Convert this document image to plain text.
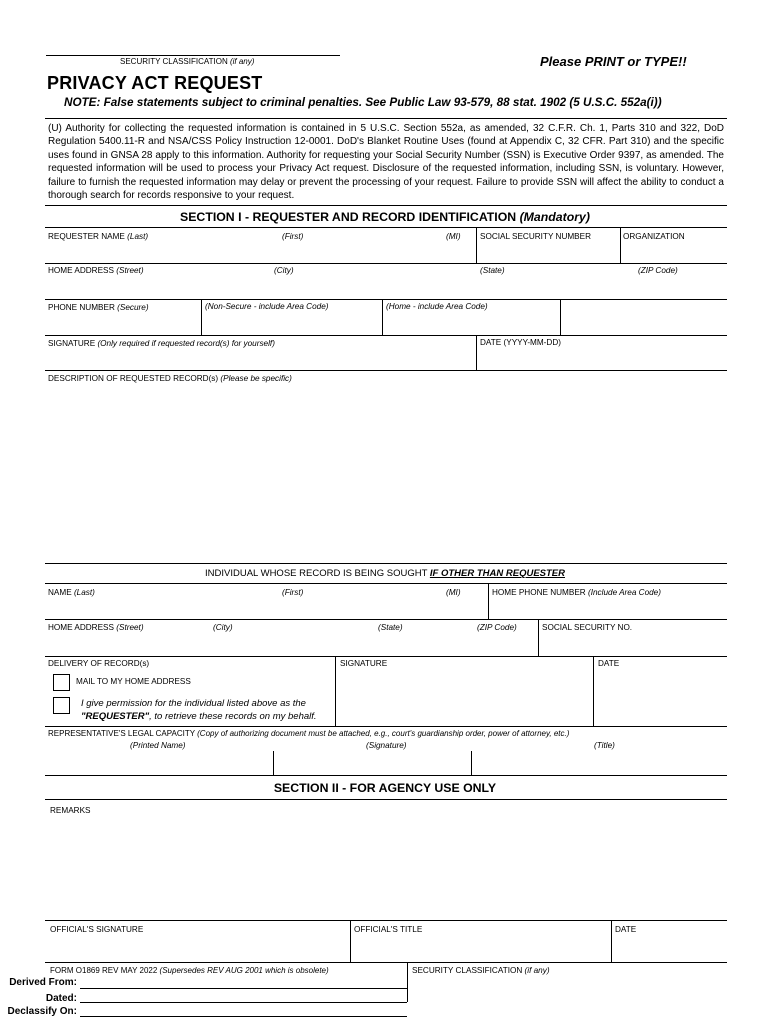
SECURITY CLASSIFICATION (if any)	Please PRINT or TYPE!!
PRIVACY ACT REQUEST
NOTE: False statements subject to criminal penalties. See Public Law 93-579, 88 stat. 1902 (5 U.S.C. 552a(i))
(U) Authority for collecting the requested information is contained in 5 U.S.C. Section 552a, as amended, 32 C.F.R. Ch. 1, Parts 310 and 322, DoD Regulation 5400.11-R and NSA/CSS Policy Instruction 12-0001. DoD's Blanket Routine Uses (found at Appendix C, 32 CFR. Part 310) and the specific uses found in GNSA 28 apply to this information. Authority for requesting your Social Security Number (SSN) is Executive Order 9397, as amended. The requested information will be used to process your Privacy Act request. Disclosure of the requested information, including SSN, is voluntary. However, failure to furnish the requested information may delay or prevent the processing of your request. Failure to provide SSN will affect the ability to conduct a thorough search for records responsive to your request.
SECTION I - REQUESTER AND RECORD IDENTIFICATION (Mandatory)
REQUESTER NAME (Last)	(First)	(MI) SOCIAL SECURITY NUMBER	ORGANIZATION
HOME ADDRESS (Street)	(City)	(State)	(ZIP Code)
PHONE NUMBER (Secure)	(Non-Secure - include Area Code)	(Home - include Area Code)
SIGNATURE (Only required if requested record(s) for yourself)	DATE (YYYY-MM-DD)
DESCRIPTION OF REQUESTED RECORD(s) (Please be specific)
INDIVIDUAL WHOSE RECORD IS BEING SOUGHT IF OTHER THAN REQUESTER
NAME (Last)	(First)	(MI)	HOME PHONE NUMBER (Include Area Code)
HOME ADDRESS (Street)	(City)	(State)	(ZIP Code)	SOCIAL SECURITY NO.
DELIVERY OF RECORD(s)	SIGNATURE	DATE
MAIL TO MY HOME ADDRESS
I give permission for the individual listed above as the
"REQUESTER", to retrieve these records on my behalf.
REPRESENTATIVE'S LEGAL CAPACITY (Copy of authorizing document must be attached, e.g., court's guardianship order, power of attorney, etc.)
(Printed Name)	(Signature)	(Title)
SECTION II - FOR AGENCY USE ONLY
REMARKS
OFFICIAL'S SIGNATURE	OFFICIAL'S TITLE	DATE
FORM O1869 REV MAY 2022 (Supersedes REV AUG 2001 which is obsolete)	SECURITY CLASSIFICATION (if any)
Derived From:
Dated:
Declassify On:
